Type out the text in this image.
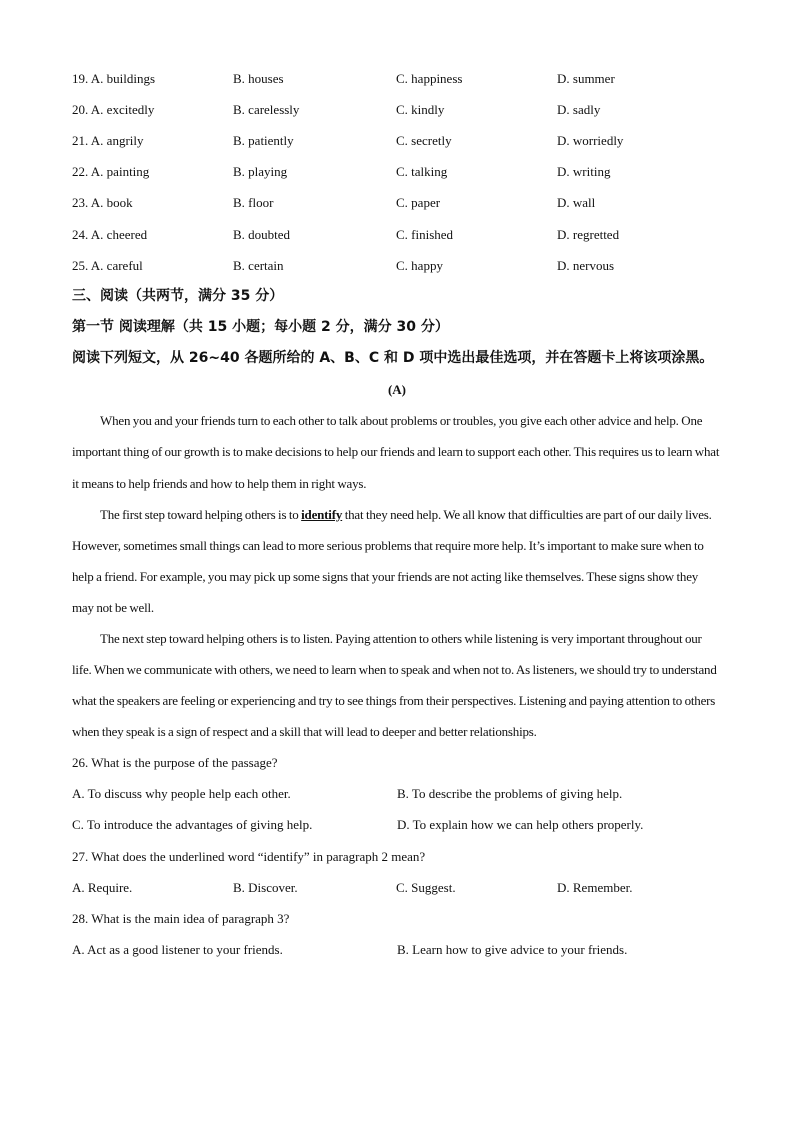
19. A. buildings	B. houses	C. happiness	D. summer
20. A. excitedly	B. carelessly	C. kindly	D. sadly
21. A. angrily	B. patiently	C. secretly	D. worriedly
22. A. painting	B. playing	C. talking	D. writing
23. A. book	B. floor	C. paper	D. wall
24. A. cheered	B. doubted	C. finished	D. regretted
25. A. careful	B. certain	C. happy	D. nervous
三、阅读（共两节，满分 35 分）
第一节 阅读理解（共 15 小题；每小题 2 分，满分 30 分）
阅读下列短文，从 26~40 各题所给的 A、B、C 和 D 项中选出最佳选项，并在答题卡上将该项涂黑。
(A)
When you and your friends turn to each other to talk about problems or troubles, you give each other advice and help. One important thing of our growth is to make decisions to help our friends and learn to support each other. This requires us to learn what it means to help friends and how to help them in right ways.
The first step toward helping others is to identify that they need help. We all know that difficulties are part of our daily lives. However, sometimes small things can lead to more serious problems that require more help. It’s important to make sure when to help a friend. For example, you may pick up some signs that your friends are not acting like themselves. These signs show they may not be well.
The next step toward helping others is to listen. Paying attention to others while listening is very important throughout our life. When we communicate with others, we need to learn when to speak and when not to. As listeners, we should try to understand what the speakers are feeling or experiencing and try to see things from their perspectives. Listening and paying attention to others when they speak is a sign of respect and a skill that will lead to deeper and better relationships.
26. What is the purpose of the passage?
A. To discuss why people help each other.	B. To describe the problems of giving help.
C. To introduce the advantages of giving help.	D. To explain how we can help others properly.
27. What does the underlined word “identify” in paragraph 2 mean?
A. Require.	B. Discover.	C. Suggest.	D. Remember.
28. What is the main idea of paragraph 3?
A. Act as a good listener to your friends.	B. Learn how to give advice to your friends.
